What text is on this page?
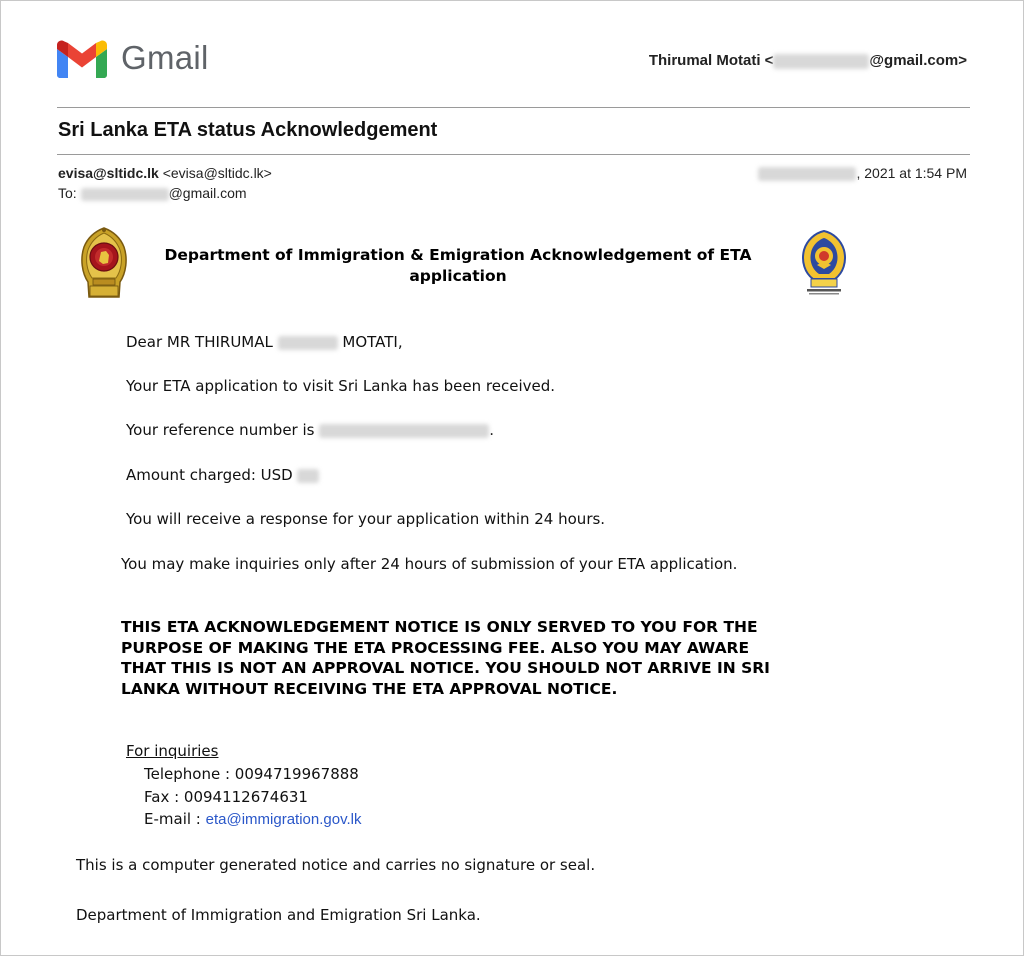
Gmail	Thirumal Motati <	@gmail.com>
Sri Lanka ETA status Acknowledgement
evisa@sltidc.lk <evisa@sltidc.lk>
To:	@gmail.com
, 2021 at 1:54 PM
Department of Immigration & Emigration Acknowledgement of ETA application
Dear MR THIRUMAL	MOTATI,
Your ETA application to visit Sri Lanka has been received.
Your reference number is	.
Amount charged: USD
You will receive a response for your application within 24 hours.
You may make inquiries only after 24 hours of submission of your ETA application.
THIS ETA ACKNOWLEDGEMENT NOTICE IS ONLY SERVED TO YOU FOR THE PURPOSE OF MAKING THE ETA PROCESSING FEE. ALSO YOU MAY AWARE THAT THIS IS NOT AN APPROVAL NOTICE. YOU SHOULD NOT ARRIVE IN SRI LANKA WITHOUT RECEIVING THE ETA APPROVAL NOTICE.
For inquiries
Telephone : 0094719967888
Fax : 0094112674631
E-mail : eta@immigration.gov.lk
This is a computer generated notice and carries no signature or seal.
Department of Immigration and Emigration Sri Lanka.
